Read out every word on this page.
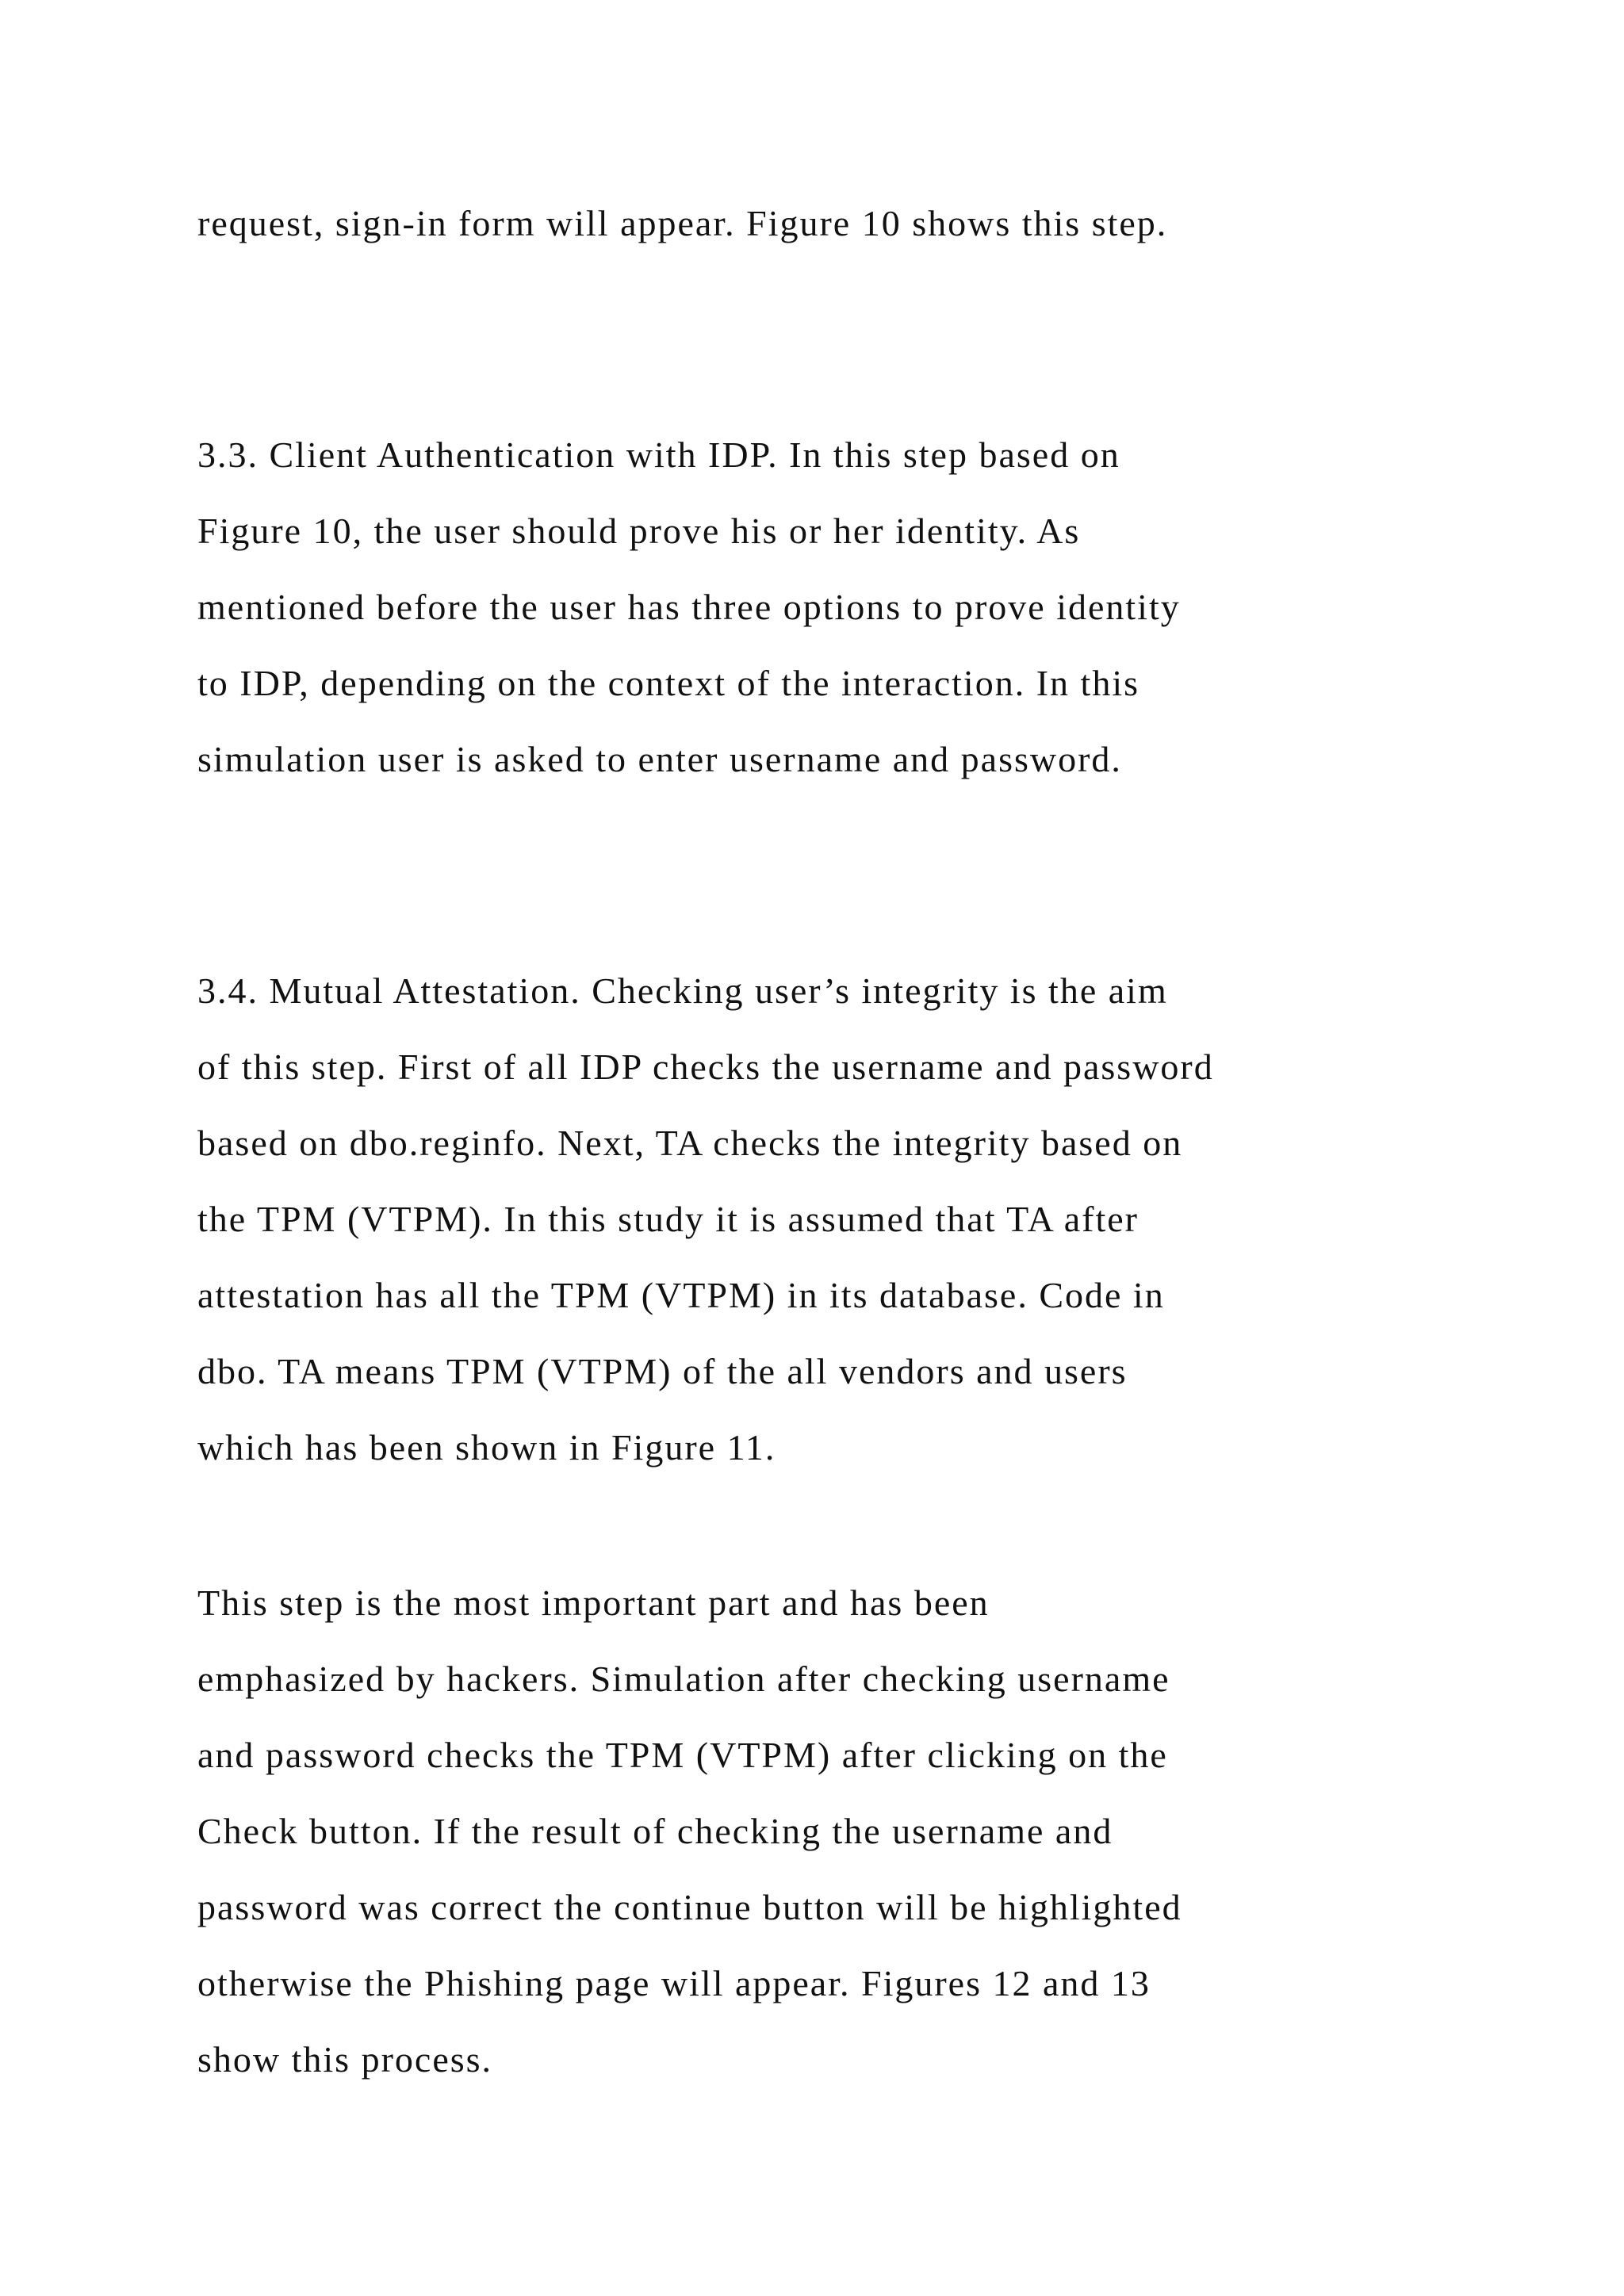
request, sign-in form will appear. Figure 10 shows this step.

3.3. Client Authentication with IDP. In this step based on
Figure 10, the user should prove his or her identity. As
mentioned before the user has three options to prove identity
to IDP, depending on the context of the interaction. In this
simulation user is asked to enter username and password.

3.4. Mutual Attestation. Checking user’s integrity is the aim
of this step. First of all IDP checks the username and password
based on dbo.reginfo. Next, TA checks the integrity based on
the TPM (VTPM). In this study it is assumed that TA after
attestation has all the TPM (VTPM) in its database. Code in
dbo. TA means TPM (VTPM) of the all vendors and users
which has been shown in Figure 11.

This step is the most important part and has been
emphasized by hackers. Simulation after checking username
and password checks the TPM (VTPM) after clicking on the
Check button. If the result of checking the username and
password was correct the continue button will be highlighted
otherwise the Phishing page will appear. Figures 12 and 13
show this process.
